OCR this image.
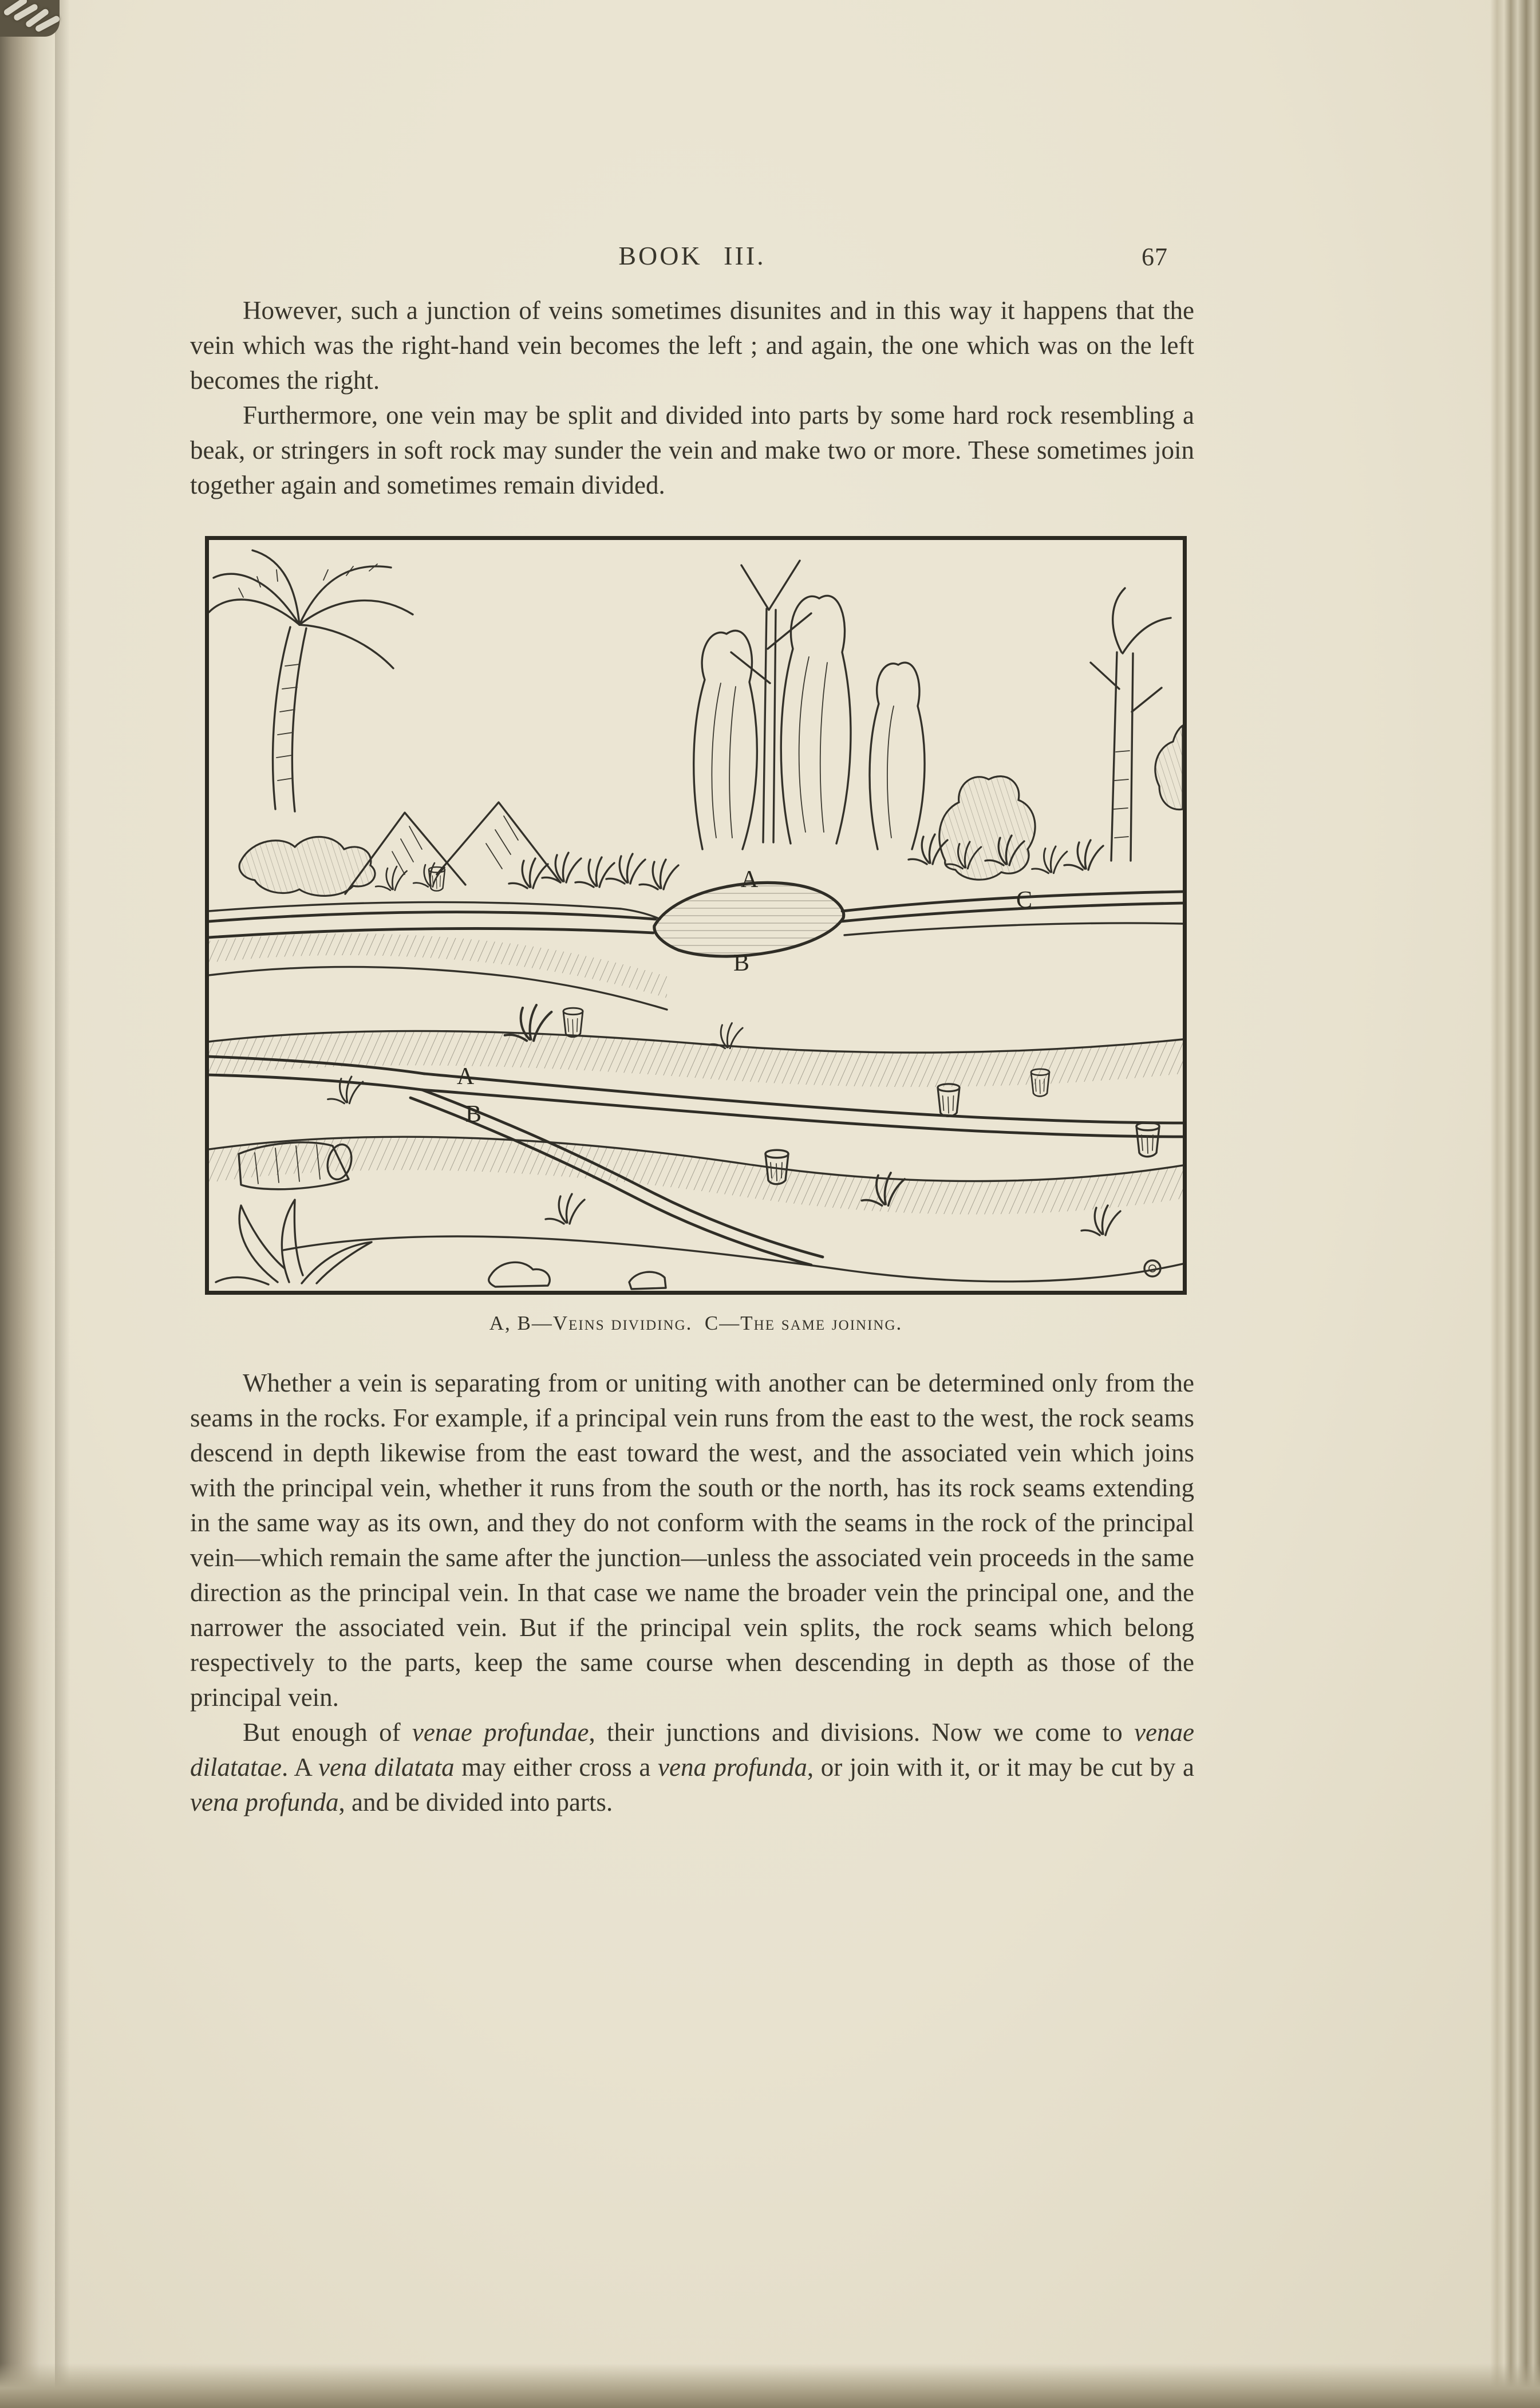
BOOK III.	67

However, such a junction of veins sometimes disunites and in this way it happens that the vein which was the right-hand vein becomes the left ; and again, the one which was on the left becomes the right.

Furthermore, one vein may be split and divided into parts by some hard rock resembling a beak, or stringers in soft rock may sunder the vein and make two or more. These sometimes join together again and sometimes remain divided.

A
B
C
A
B
A, B—Veins dividing.  C—The same joining.

Whether a vein is separating from or uniting with another can be determined only from the seams in the rocks. For example, if a principal vein runs from the east to the west, the rock seams descend in depth likewise from the east toward the west, and the associated vein which joins with the principal vein, whether it runs from the south or the north, has its rock seams extending in the same way as its own, and they do not conform with the seams in the rock of the principal vein—which remain the same after the junction—unless the associated vein proceeds in the same direction as the principal vein. In that case we name the broader vein the principal one, and the narrower the associated vein. But if the principal vein splits, the rock seams which belong respectively to the parts, keep the same course when descending in depth as those of the principal vein.

But enough of venae profundae, their junctions and divisions. Now we come to venae dilatatae. A vena dilatata may either cross a vena profunda, or join with it, or it may be cut by a vena profunda, and be divided into parts.
